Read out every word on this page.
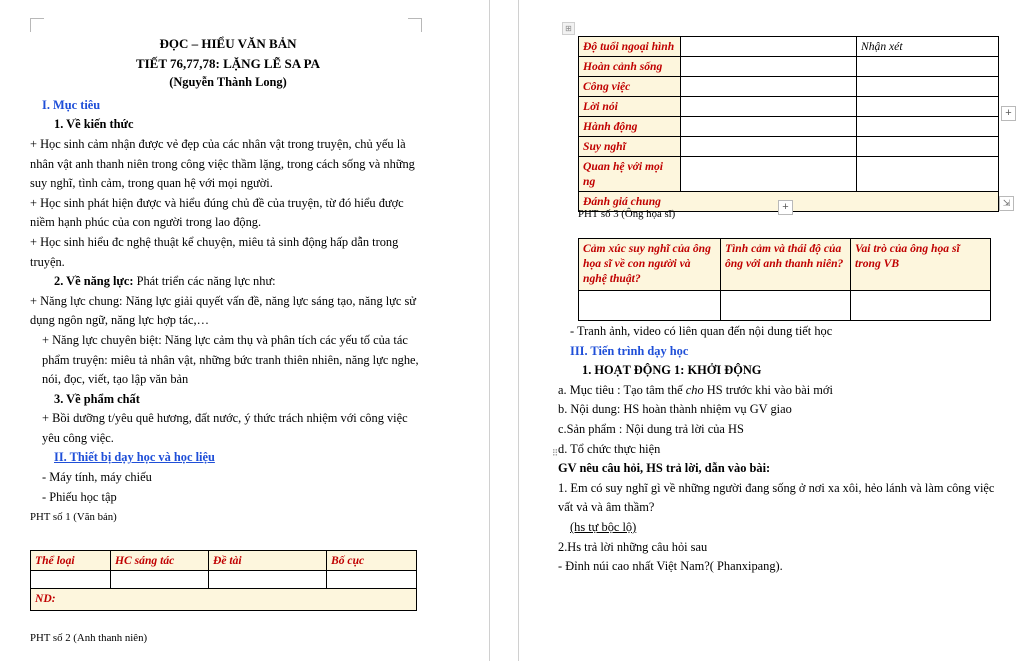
ĐỌC – HIỂU VĂN BẢN

TIẾT 76,77,78: LẶNG LẼ SA PA

(Nguyễn Thành Long)

I. Mục tiêu

1. Về kiến thức

+ Học sinh cảm nhận được vẻ đẹp của các nhân vật trong truyện, chủ yếu là nhân vật anh thanh niên trong công việc thầm lặng, trong cách sống và những suy nghĩ, tình cảm, trong quan hệ với mọi người.

+ Học sinh phát hiện được và hiểu đúng chủ đề của truyện, từ đó hiểu được niềm hạnh phúc của con người trong lao động.

+ Học sinh hiểu đc nghệ thuật kể chuyện, miêu tả sinh động hấp dẫn trong truyện.

2. Về năng lực: Phát triển các năng lực như:

+ Năng lực chung: Năng lực giải quyết vấn đề, năng lực sáng tạo, năng lực sử dụng ngôn ngữ, năng lực hợp tác,…

+ Năng lực chuyên biệt: Năng lực cảm thụ và phân tích các yếu tố của tác phẩm truyện: miêu tả nhân vật, những bức tranh thiên nhiên, năng lực nghe, nói, đọc, viết, tạo lập văn bản

3. Về phẩm chất

+ Bồi dưỡng t/yêu quê hương, đất nước, ý thức trách nhiệm với công việc yêu công việc.

II. Thiết bị dạy học và học liệu

- Máy tính, máy chiếu

- Phiếu học tập

PHT số 1 (Văn bản)

Thể loại	HC sáng tác	Đề tài	Bố cục

ND:			

PHT số 2 (Anh thanh niên)

⊞
Độ tuổi ngoại hình		Nhận xét
Hoàn cảnh sống		
Công việc		
Lời nói		
Hành động		
Suy nghĩ		
Quan hệ với mọi ng		
Đánh giá chung		
+
+	⇲

PHT số 3 (Ông họa sĩ)

Cảm xúc suy nghĩ của ông họa sĩ về con người và nghệ thuật?	Tình cảm và thái độ của ông với anh thanh niên?	Vai trò của ông họa sĩ trong VB

⠿

- Tranh ảnh, video có liên quan đến nội dung tiết học

III. Tiến trình dạy học

1. HOẠT ĐỘNG 1: KHỞI ĐỘNG

a. Mục tiêu : Tạo tâm thế cho HS trước khi vào bài mới

b. Nội dung: HS hoàn thành nhiệm vụ GV giao

c.Sản phẩm : Nội dung trả lời của HS

d. Tổ chức thực hiện

GV nêu câu hỏi, HS trả lời, dẫn vào bài:

1. Em có suy nghĩ gì về những người đang sống ở nơi xa xôi, hẻo lánh và làm công việc vất vả và âm thầm?

(hs tự bộc lộ)

2.Hs trả lời những câu hỏi sau

- Đỉnh núi cao nhất Việt Nam?( Phanxipang).
